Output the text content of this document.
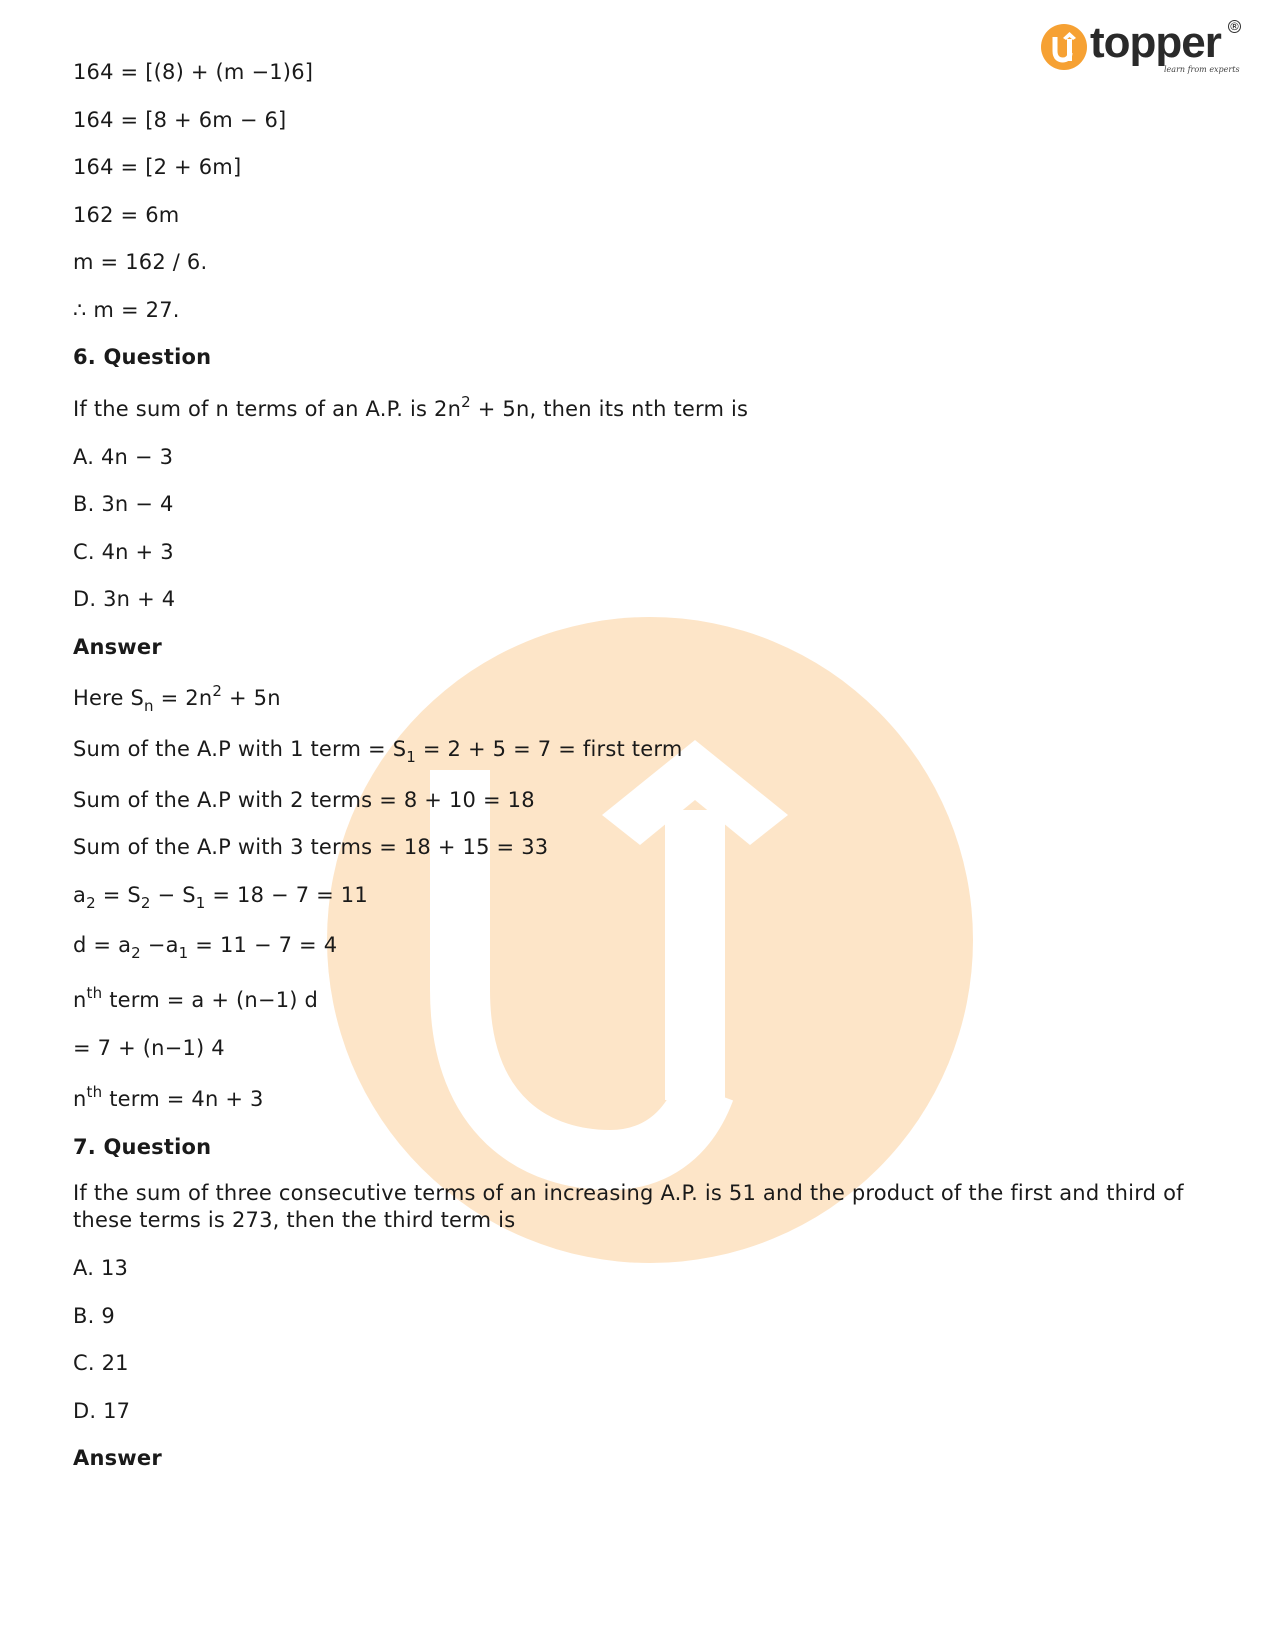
topper
learn from experts
®
164 = [(8) + (m −1)6]
164 = [8 + 6m − 6]
164 = [2 + 6m]
162 = 6m
m = 162 / 6.
∴ m = 27.
6. Question
If the sum of n terms of an A.P. is $2n^2 + 5n$, then its nth term is
A. 4n − 3
B. 3n − 4
C. 4n + 3
D. 3n + 4
Answer
Here $S_n = 2n^2 + 5n$
Sum of the A.P with 1 term = $S_1 = 2 + 5 = 7$ = first term
Sum of the A.P with 2 terms = 8 + 10 = 18
Sum of the A.P with 3 terms = 18 + 15 = 33
$a_2 = S_2 - S_1 = 18 - 7 = 11$
$d = a_2 -a_1 = 11 - 7 = 4$
$n^{th}$ term = a + (n−1) d
= 7 + (n−1) 4
$n^{th}$ term = 4n + 3
7. Question
If the sum of three consecutive terms of an increasing A.P. is 51 and the product of the first and third of these terms is 273, then the third term is
A. 13
B. 9
C. 21
D. 17
Answer
